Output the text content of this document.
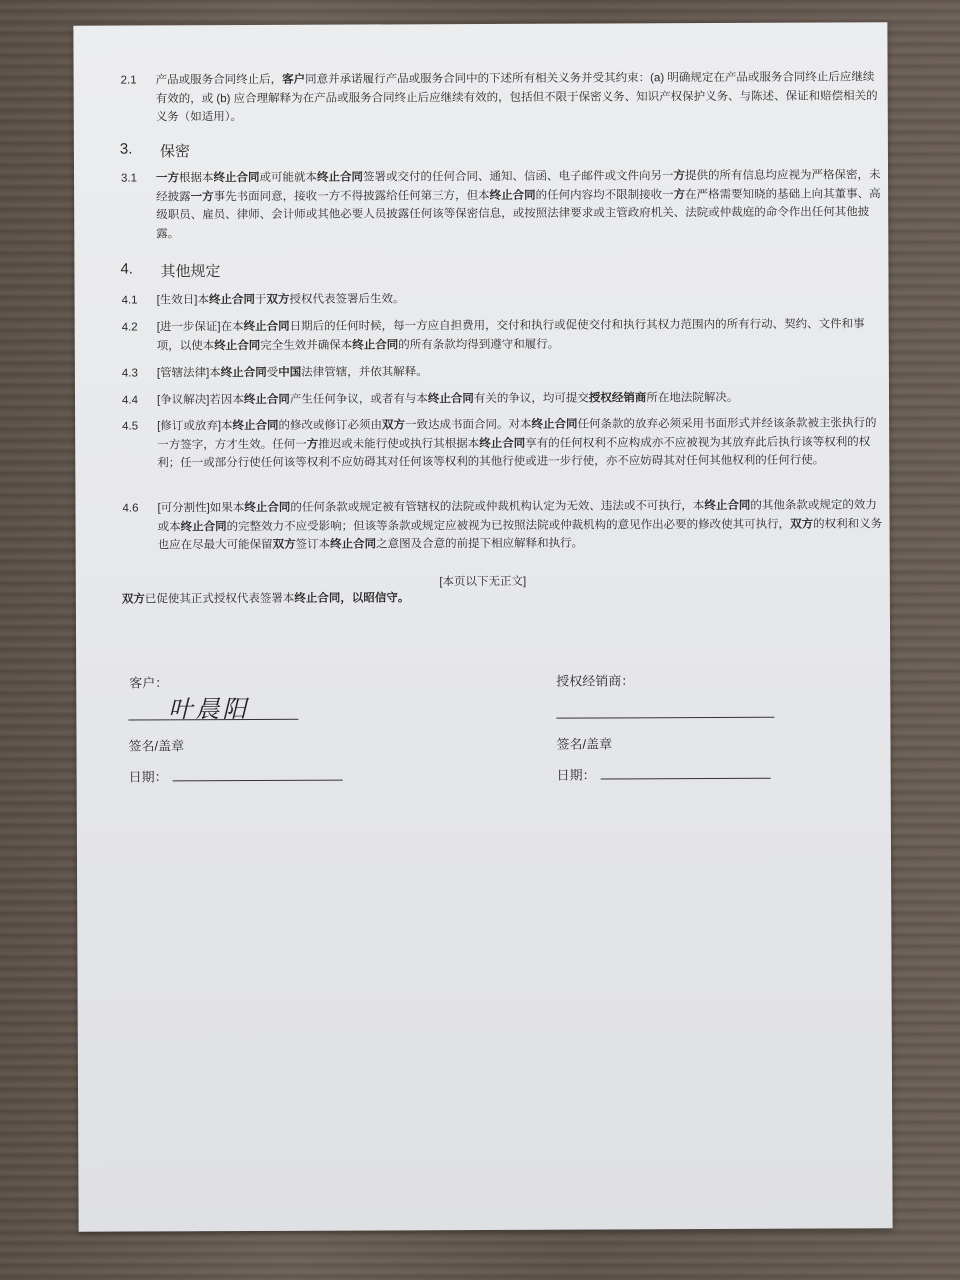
2.1 产品或服务合同终止后，客户同意并承诺履行产品或服务合同中的下述所有相关义务并受其约束：(a) 明确规定在产品或服务合同终止后应继续有效的，或 (b) 应合理解释为在产品或服务合同终止后应继续有效的，包括但不限于保密义务、知识产权保护义务、与陈述、保证和赔偿相关的义务（如适用）。
3. 保密
3.1 一方根据本终止合同或可能就本终止合同签署或交付的任何合同、通知、信函、电子邮件或文件向另一方提供的所有信息均应视为严格保密，未经披露一方事先书面同意，接收一方不得披露给任何第三方，但本终止合同的任何内容均不限制接收一方在严格需要知晓的基础上向其董事、高级职员、雇员、律师、会计师或其他必要人员披露任何该等保密信息，或按照法律要求或主管政府机关、法院或仲裁庭的命令作出任何其他披露。
4. 其他规定
4.1 [生效日]本终止合同于双方授权代表签署后生效。
4.2 [进一步保证]在本终止合同日期后的任何时候，每一方应自担费用，交付和执行或促使交付和执行其权力范围内的所有行动、契约、文件和事项，以使本终止合同完全生效并确保本终止合同的所有条款均得到遵守和履行。
4.3 [管辖法律]本终止合同受中国法律管辖，并依其解释。
4.4 [争议解决]若因本终止合同产生任何争议，或者有与本终止合同有关的争议，均可提交授权经销商所在地法院解决。
4.5 [修订或放弃]本终止合同的修改或修订必须由双方一致达成书面合同。对本终止合同任何条款的放弃必须采用书面形式并经该条款被主张执行的一方签字，方才生效。任何一方推迟或未能行使或执行其根据本终止合同享有的任何权利不应构成亦不应被视为其放弃此后执行该等权利的权利；任一或部分行使任何该等权利不应妨碍其对任何该等权利的其他行使或进一步行使，亦不应妨碍其对任何其他权利的任何行使。
4.6 [可分割性]如果本终止合同的任何条款或规定被有管辖权的法院或仲裁机构认定为无效、违法或不可执行，本终止合同的其他条款或规定的效力或本终止合同的完整效力不应受影响；但该等条款或规定应被视为已按照法院或仲裁机构的意见作出必要的修改使其可执行，双方的权利和义务也应在尽最大可能保留双方签订本终止合同之意图及合意的前提下相应解释和执行。
[本页以下无正文]
双方已促使其正式授权代表签署本终止合同，以昭信守。
客户：
叶晨阳
签名/盖章
日期：
授权经销商：
签名/盖章
日期：
